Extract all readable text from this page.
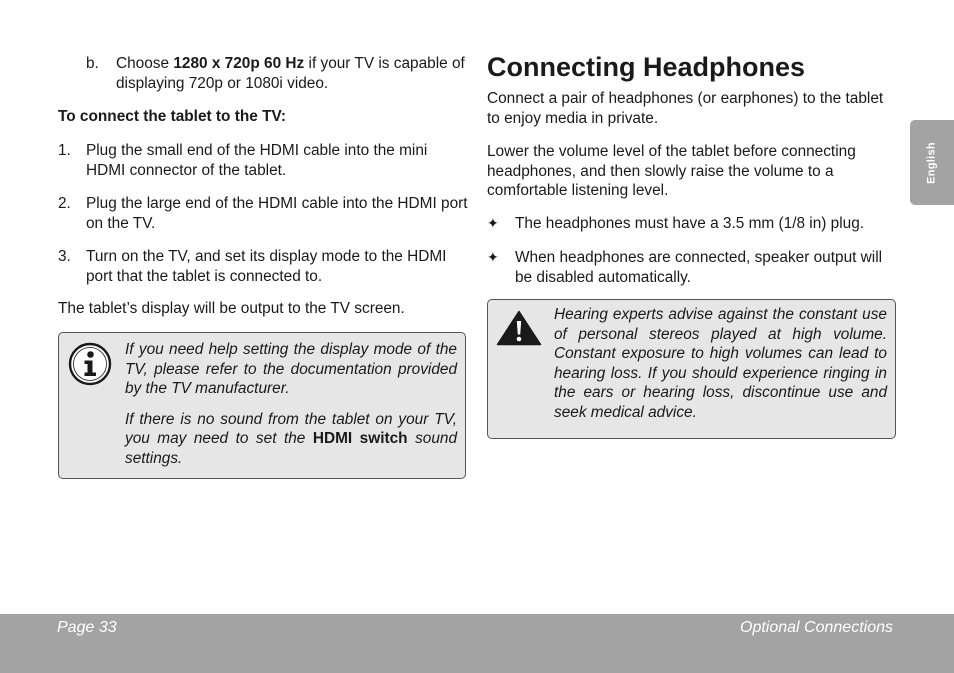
b. Choose 1280 x 720p 60 Hz if your TV is capable of displaying 720p or 1080i video.
To connect the tablet to the TV:
1. Plug the small end of the HDMI cable into the mini HDMI connector of the tablet.
2. Plug the large end of the HDMI cable into the HDMI port on the TV.
3. Turn on the TV, and set its display mode to the HDMI port that the tablet is connected to.
The tablet’s display will be output to the TV screen.

If you need help setting the display mode of the TV, please refer to the documentation provided by the TV manufacturer.

If there is no sound from the tablet on your TV, you may need to set the HDMI switch sound settings.

Connecting Headphones
Connect a pair of headphones (or earphones) to the tablet to enjoy media in private.
Lower the volume level of the tablet before connecting headphones, and then slowly raise the volume to a comfortable listening level.
✦ The headphones must have a 3.5 mm (1/8 in) plug.
✦ When headphones are connected, speaker output will be disabled automatically.
Hearing experts advise against the constant use of personal stereos played at high volume. Constant exposure to high volumes can lead to hearing loss. If you should experience ringing in the ears or hearing loss, discontinue use and seek medical advice.
English
Page 33	Optional Connections
